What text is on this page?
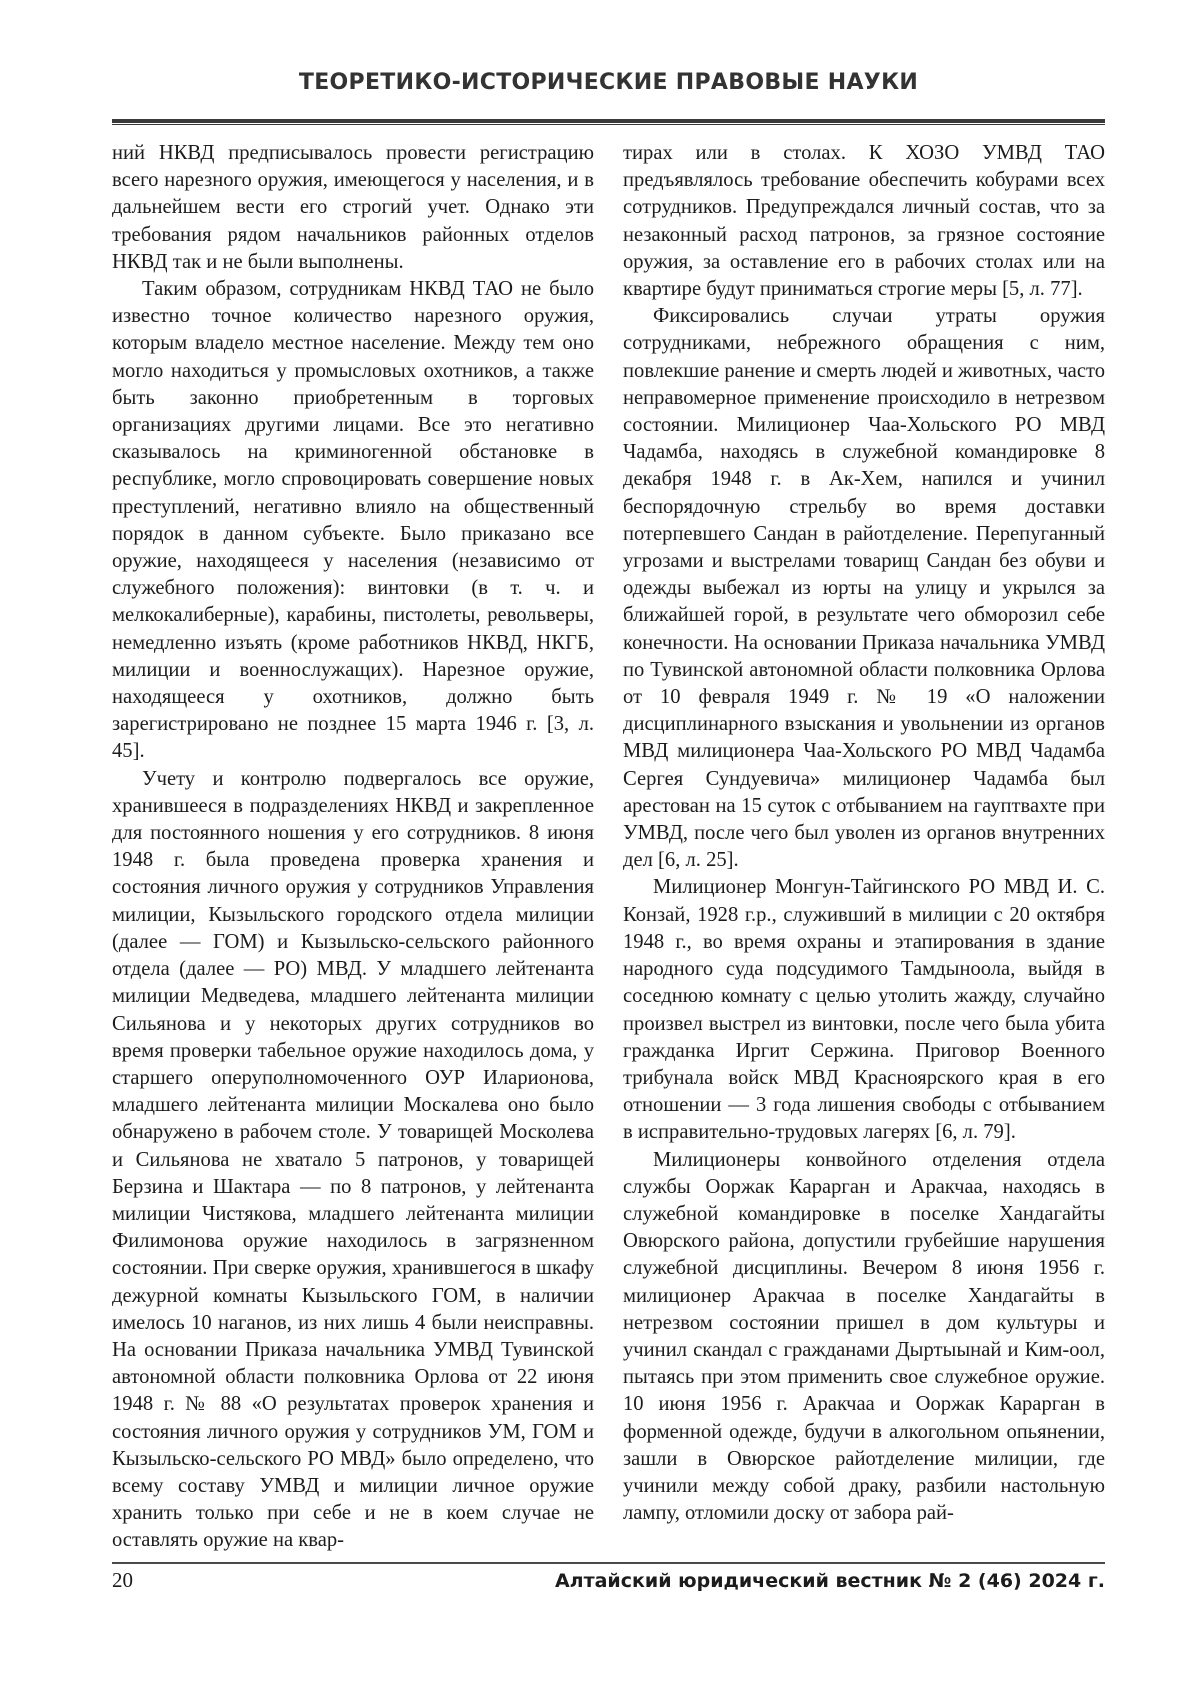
ТЕОРЕТИКО-ИСТОРИЧЕСКИЕ ПРАВОВЫЕ НАУКИ

ний НКВД предписывалось провести регистрацию всего нарезного оружия, имеющегося у населения, и в дальнейшем вести его строгий учет. Однако эти требования рядом начальников районных отделов НКВД так и не были выполнены.

Таким образом, сотрудникам НКВД ТАО не было известно точное количество нарезного оружия, которым владело местное население. Между тем оно могло находиться у промысловых охотников, а также быть законно приобретенным в торговых организациях другими лицами. Все это негативно сказывалось на криминогенной обстановке в республике, могло спровоцировать совершение новых преступлений, негативно влияло на общественный порядок в данном субъекте. Было приказано все оружие, находящееся у населения (независимо от служебного положения): винтовки (в т. ч. и мелкокалиберные), карабины, пистолеты, револьверы, немедленно изъять (кроме работников НКВД, НКГБ, милиции и военнослужащих). Нарезное оружие, находящееся у охотников, должно быть зарегистрировано не позднее 15 марта 1946 г. [3, л. 45].

Учету и контролю подвергалось все оружие, хранившееся в подразделениях НКВД и закрепленное для постоянного ношения у его сотрудников. 8 июня 1948 г. была проведена проверка хранения и состояния личного оружия у сотрудников Управления милиции, Кызыльского городского отдела милиции (далее — ГОМ) и Кызыльско-сельского районного отдела (далее — РО) МВД. У младшего лейтенанта милиции Медведева, младшего лейтенанта милиции Сильянова и у некоторых других сотрудников во время проверки табельное оружие находилось дома, у старшего оперуполномоченного ОУР Иларионова, младшего лейтенанта милиции Москалева оно было обнаружено в рабочем столе. У товарищей Москолева и Сильянова не хватало 5 патронов, у товарищей Берзина и Шактара — по 8 патронов, у лейтенанта милиции Чистякова, младшего лейтенанта милиции Филимонова оружие находилось в загрязненном состоянии. При сверке оружия, хранившегося в шкафу дежурной комнаты Кызыльского ГОМ, в наличии имелось 10 наганов, из них лишь 4 были неисправны. На основании Приказа начальника УМВД Тувинской автономной области полковника Орлова от 22 июня 1948 г. № 88 «О результатах проверок хранения и состояния личного оружия у сотрудников УМ, ГОМ и Кызыльско-сельского РО МВД» было определено, что всему составу УМВД и милиции личное оружие хранить только при себе и не в коем случае не оставлять оружие на квар-

тирах или в столах. К ХОЗО УМВД ТАО предъявлялось требование обеспечить кобурами всех сотрудников. Предупреждался личный состав, что за незаконный расход патронов, за грязное состояние оружия, за оставление его в рабочих столах или на квартире будут приниматься строгие меры [5, л. 77].

Фиксировались случаи утраты оружия сотрудниками, небрежного обращения с ним, повлекшие ранение и смерть людей и животных, часто неправомерное применение происходило в нетрезвом состоянии. Милиционер Чаа-Хольского РО МВД Чадамба, находясь в служебной командировке 8 декабря 1948 г. в Ак-Хем, напился и учинил беспорядочную стрельбу во время доставки потерпевшего Сандан в райотделение. Перепуганный угрозами и выстрелами товарищ Сандан без обуви и одежды выбежал из юрты на улицу и укрылся за ближайшей горой, в результате чего обморозил себе конечности. На основании Приказа начальника УМВД по Тувинской автономной области полковника Орлова от 10 февраля 1949 г. № 19 «О наложении дисциплинарного взыскания и увольнении из органов МВД милиционера Чаа-Хольского РО МВД Чадамба Сергея Сундуевича» милиционер Чадамба был арестован на 15 суток с отбыванием на гауптвахте при УМВД, после чего был уволен из органов внутренних дел [6, л. 25].

Милиционер Монгун-Тайгинского РО МВД И. С. Конзай, 1928 г.р., служивший в милиции с 20 октября 1948 г., во время охраны и этапирования в здание народного суда подсудимого Тамдыноола, выйдя в соседнюю комнату с целью утолить жажду, случайно произвел выстрел из винтовки, после чего была убита гражданка Иргит Сержина. Приговор Военного трибунала войск МВД Красноярского края в его отношении — 3 года лишения свободы с отбыванием в исправительно-трудовых лагерях [6, л. 79].

Милиционеры конвойного отделения отдела службы Ооржак Карарган и Аракчаа, находясь в служебной командировке в поселке Хандагайты Овюрского района, допустили грубейшие нарушения служебной дисциплины. Вечером 8 июня 1956 г. милиционер Аракчаа в поселке Хандагайты в нетрезвом состоянии пришел в дом культуры и учинил скандал с гражданами Дыртыынай и Ким-оол, пытаясь при этом применить свое служебное оружие. 10 июня 1956 г. Аракчаа и Ооржак Карарган в форменной одежде, будучи в алкогольном опьянении, зашли в Овюрское райотделение милиции, где учинили между собой драку, разбили настольную лампу, отломили доску от забора рай-

20	Алтайский юридический вестник № 2 (46) 2024 г.
